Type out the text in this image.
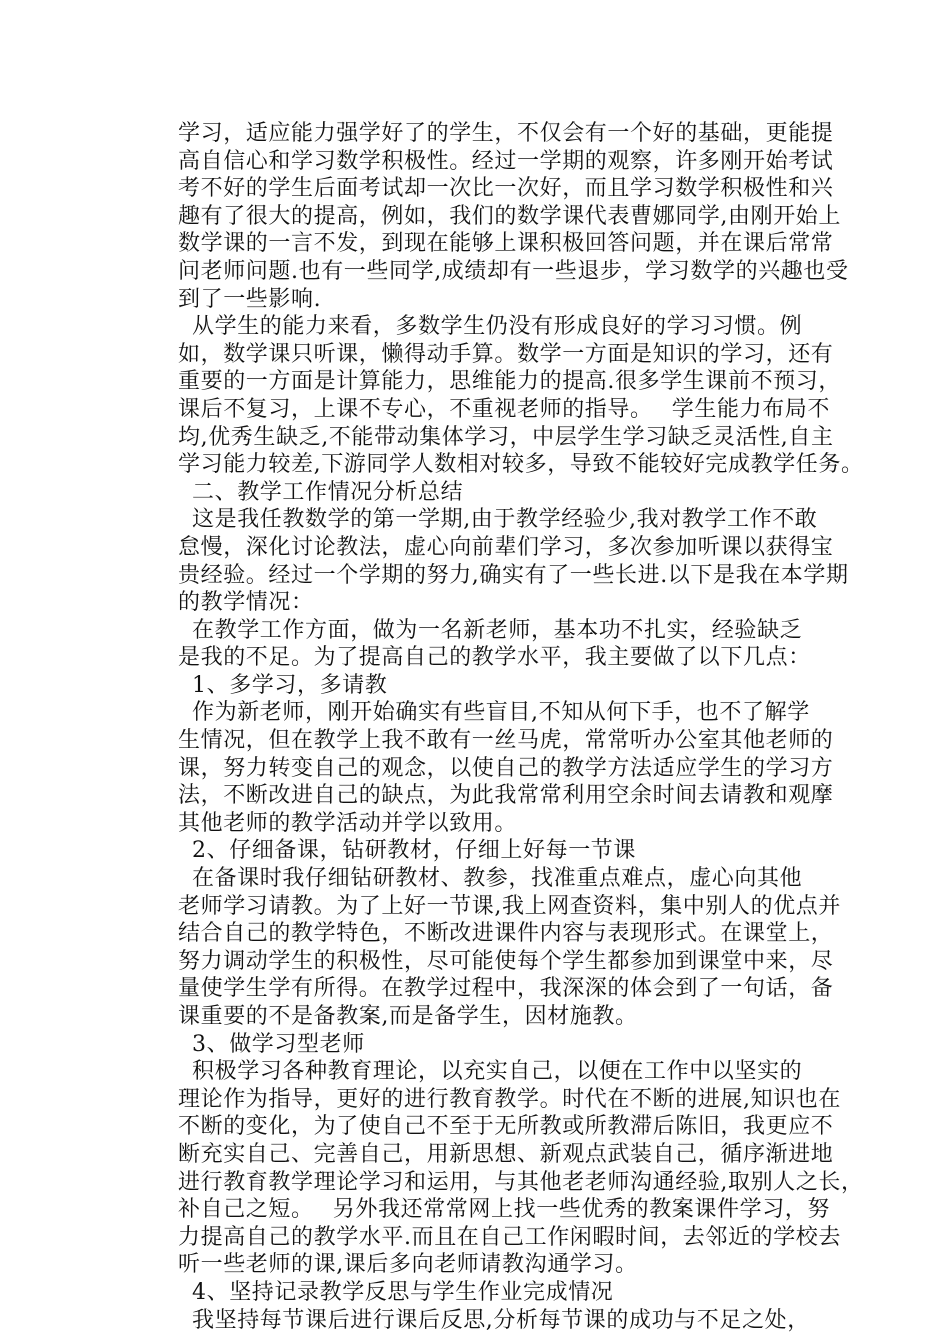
学习，适应能力强学好了的学生，不仅会有一个好的基础，更能提
高自信心和学习数学积极性。经过一学期的观察，许多刚开始考试
考不好的学生后面考试却一次比一次好，而且学习数学积极性和兴
趣有了很大的提高，例如，我们的数学课代表曹娜同学,由刚开始上
数学课的一言不发，到现在能够上课积极回答问题，并在课后常常
问老师问题.也有一些同学,成绩却有一些退步，学习数学的兴趣也受
到了一些影响.
从学生的能力来看，多数学生仍没有形成良好的学习习惯。例
如，数学课只听课，懒得动手算。数学一方面是知识的学习，还有
重要的一方面是计算能力，思维能力的提高.很多学生课前不预习，
课后不复习，上课不专心，不重视老师的指导。　 学生能力布局不
均,优秀生缺乏,不能带动集体学习，中层学生学习缺乏灵活性,自主
学习能力较差,下游同学人数相对较多，导致不能较好完成教学任务。
二、教学工作情况分析总结
这是我任教数学的第一学期,由于教学经验少,我对教学工作不敢
怠慢，深化讨论教法，虚心向前辈们学习，多次参加听课以获得宝
贵经验。经过一个学期的努力,确实有了一些长进.以下是我在本学期
的教学情况：
在教学工作方面，做为一名新老师，基本功不扎实，经验缺乏
是我的不足。为了提高自己的教学水平，我主要做了以下几点：
1、多学习，多请教
作为新老师，刚开始确实有些盲目,不知从何下手，也不了解学
生情况，但在教学上我不敢有一丝马虎，常常听办公室其他老师的
课，努力转变自己的观念，以使自己的教学方法适应学生的学习方
法，不断改进自己的缺点，为此我常常利用空余时间去请教和观摩
其他老师的教学活动并学以致用。
2、仔细备课，钻研教材，仔细上好每一节课
在备课时我仔细钻研教材、教参，找准重点难点，虚心向其他
老师学习请教。为了上好一节课,我上网查资料，集中别人的优点并
结合自己的教学特色，不断改进课件内容与表现形式。在课堂上，
努力调动学生的积极性，尽可能使每个学生都参加到课堂中来，尽
量使学生学有所得。在教学过程中，我深深的体会到了一句话，备
课重要的不是备教案,而是备学生，因材施教。
3、做学习型老师
积极学习各种教育理论，以充实自己，以便在工作中以坚实的
理论作为指导，更好的进行教育教学。时代在不断的进展,知识也在
不断的变化，为了使自己不至于无所教或所教滞后陈旧，我更应不
断充实自己、完善自己，用新思想、新观点武装自己，循序渐进地
进行教育教学理论学习和运用，与其他老老师沟通经验,取别人之长，
补自己之短。　 另外我还常常网上找一些优秀的教案课件学习，努
力提高自己的教学水平.而且在自己工作闲暇时间，去邻近的学校去
听一些老师的课,课后多向老师请教沟通学习。
4、坚持记录教学反思与学生作业完成情况
我坚持每节课后进行课后反思,分析每节课的成功与不足之处，
